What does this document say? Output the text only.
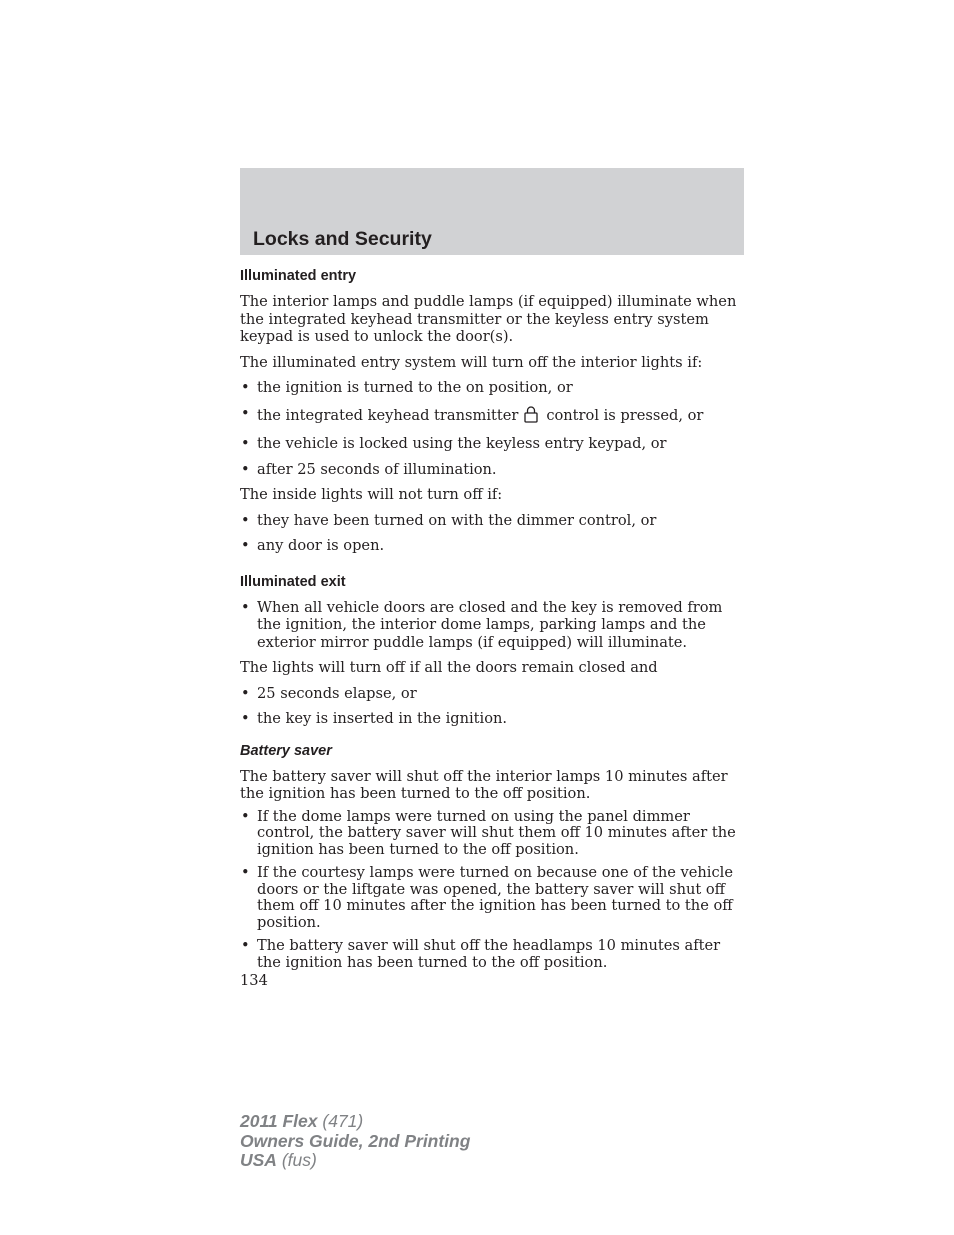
Locks and Security
Illuminated entry

The interior lamps and puddle lamps (if equipped) illuminate when the integrated keyhead transmitter or the keyless entry system keypad is used to unlock the door(s).

The illuminated entry system will turn off the interior lights if:

• the ignition is turned to the on position, or
• the integrated keyhead transmitter control is pressed, or
• the vehicle is locked using the keyless entry keypad, or
• after 25 seconds of illumination.

The inside lights will not turn off if:

• they have been turned on with the dimmer control, or
• any door is open.
Illuminated exit
• When all vehicle doors are closed and the key is removed from the ignition, the interior dome lamps, parking lamps and the exterior mirror puddle lamps (if equipped) will illuminate.

The lights will turn off if all the doors remain closed and

• 25 seconds elapse, or
• the key is inserted in the ignition.
Battery saver

The battery saver will shut off the interior lamps 10 minutes after the ignition has been turned to the off position.

• If the dome lamps were turned on using the panel dimmer control, the battery saver will shut them off 10 minutes after the ignition has been turned to the off position.
• If the courtesy lamps were turned on because one of the vehicle doors or the liftgate was opened, the battery saver will shut off them off 10 minutes after the ignition has been turned to the off position.
• The battery saver will shut off the headlamps 10 minutes after the ignition has been turned to the off position.

134

2011 Flex (471)
Owners Guide, 2nd Printing
USA (fus)
